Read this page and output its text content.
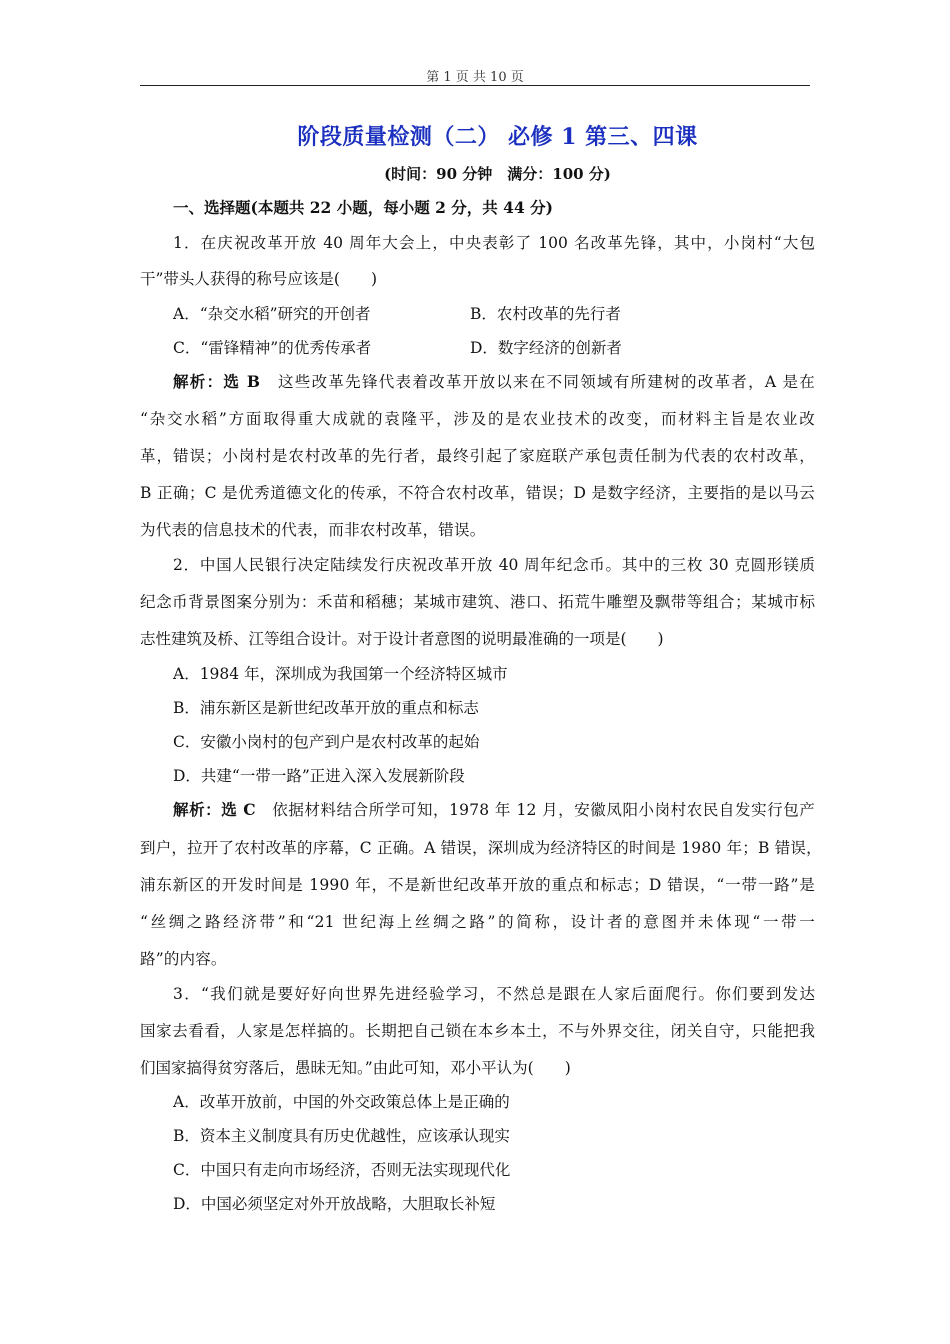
第 1 页 共 10 页
阶段质量检测（二） 必修 1 第三、四课
(时间：90 分钟　满分：100 分)
一、选择题(本题共 22 小题，每小题 2 分，共 44 分)
1．在庆祝改革开放 40 周年大会上，中央表彰了 100 名改革先锋，其中，小岗村“大包
干”带头人获得的称号应该是(　　)
A．“杂交水稻”研究的开创者	B．农村改革的先行者
C．“雷锋精神”的优秀传承者	D．数字经济的创新者
解析：选 B　这些改革先锋代表着改革开放以来在不同领域有所建树的改革者，A 是在
“杂交水稻”方面取得重大成就的袁隆平，涉及的是农业技术的改变，而材料主旨是农业改
革，错误；小岗村是农村改革的先行者，最终引起了家庭联产承包责任制为代表的农村改革，
B 正确；C 是优秀道德文化的传承，不符合农村改革，错误；D 是数字经济，主要指的是以马云
为代表的信息技术的代表，而非农村改革，错误。
2．中国人民银行决定陆续发行庆祝改革开放 40 周年纪念币。其中的三枚 30 克圆形镁质
纪念币背景图案分别为：禾苗和稻穗；某城市建筑、港口、拓荒牛雕塑及飘带等组合；某城市标
志性建筑及桥、江等组合设计。对于设计者意图的说明最准确的一项是(　　)
A．1984 年，深圳成为我国第一个经济特区城市
B．浦东新区是新世纪改革开放的重点和标志
C．安徽小岗村的包产到户是农村改革的起始
D．共建“一带一路”正进入深入发展新阶段
解析：选 C　依据材料结合所学可知，1978 年 12 月，安徽凤阳小岗村农民自发实行包产
到户，拉开了农村改革的序幕，C 正确。A 错误，深圳成为经济特区的时间是 1980 年；B 错误，
浦东新区的开发时间是 1990 年，不是新世纪改革开放的重点和标志；D 错误，“一带一路”是
“丝绸之路经济带”和“21 世纪海上丝绸之路”的简称，设计者的意图并未体现“一带一
路”的内容。
3．“我们就是要好好向世界先进经验学习，不然总是跟在人家后面爬行。你们要到发达
国家去看看，人家是怎样搞的。长期把自己锁在本乡本土，不与外界交往，闭关自守，只能把我
们国家搞得贫穷落后，愚昧无知。”由此可知，邓小平认为(　　)
A．改革开放前，中国的外交政策总体上是正确的
B．资本主义制度具有历史优越性，应该承认现实
C．中国只有走向市场经济，否则无法实现现代化
D．中国必须坚定对外开放战略，大胆取长补短
